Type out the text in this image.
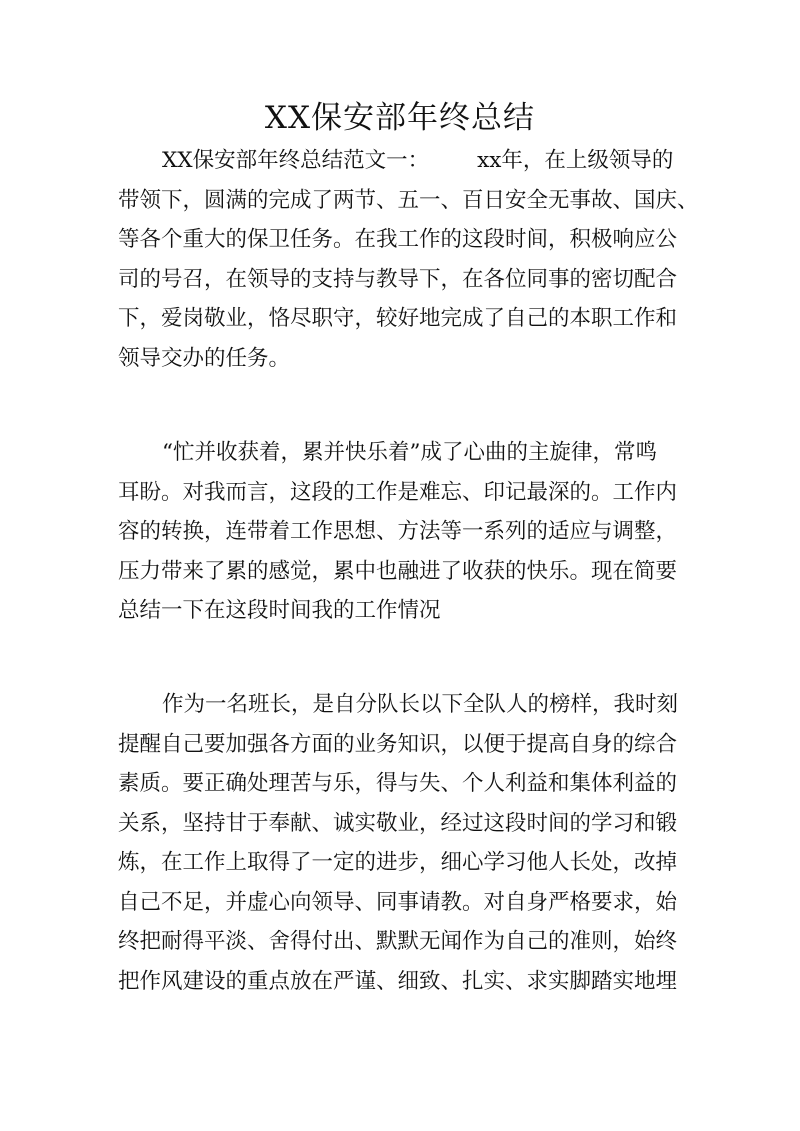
XX保安部年终总结
XX保安部年终总结范文一： xx年，在上级领导的
带领下，圆满的完成了两节、五一、百日安全无事故、国庆、
等各个重大的保卫任务。在我工作的这段时间，积极响应公
司的号召，在领导的支持与教导下，在各位同事的密切配合
下，爱岗敬业，恪尽职守，较好地完成了自己的本职工作和
领导交办的任务。
“忙并收获着，累并快乐着”成了心曲的主旋律，常鸣
耳盼。对我而言，这段的工作是难忘、印记最深的。工作内
容的转换，连带着工作思想、方法等一系列的适应与调整，
压力带来了累的感觉，累中也融进了收获的快乐。现在简要
总结一下在这段时间我的工作情况
作为一名班长，是自分队长以下全队人的榜样，我时刻
提醒自己要加强各方面的业务知识，以便于提高自身的综合
素质。要正确处理苦与乐，得与失、个人利益和集体利益的
关系，坚持甘于奉献、诚实敬业，经过这段时间的学习和锻
炼，在工作上取得了一定的进步，细心学习他人长处，改掉
自己不足，并虚心向领导、同事请教。对自身严格要求，始
终把耐得平淡、舍得付出、默默无闻作为自己的准则，始终
把作风建设的重点放在严谨、细致、扎实、求实脚踏实地埋
